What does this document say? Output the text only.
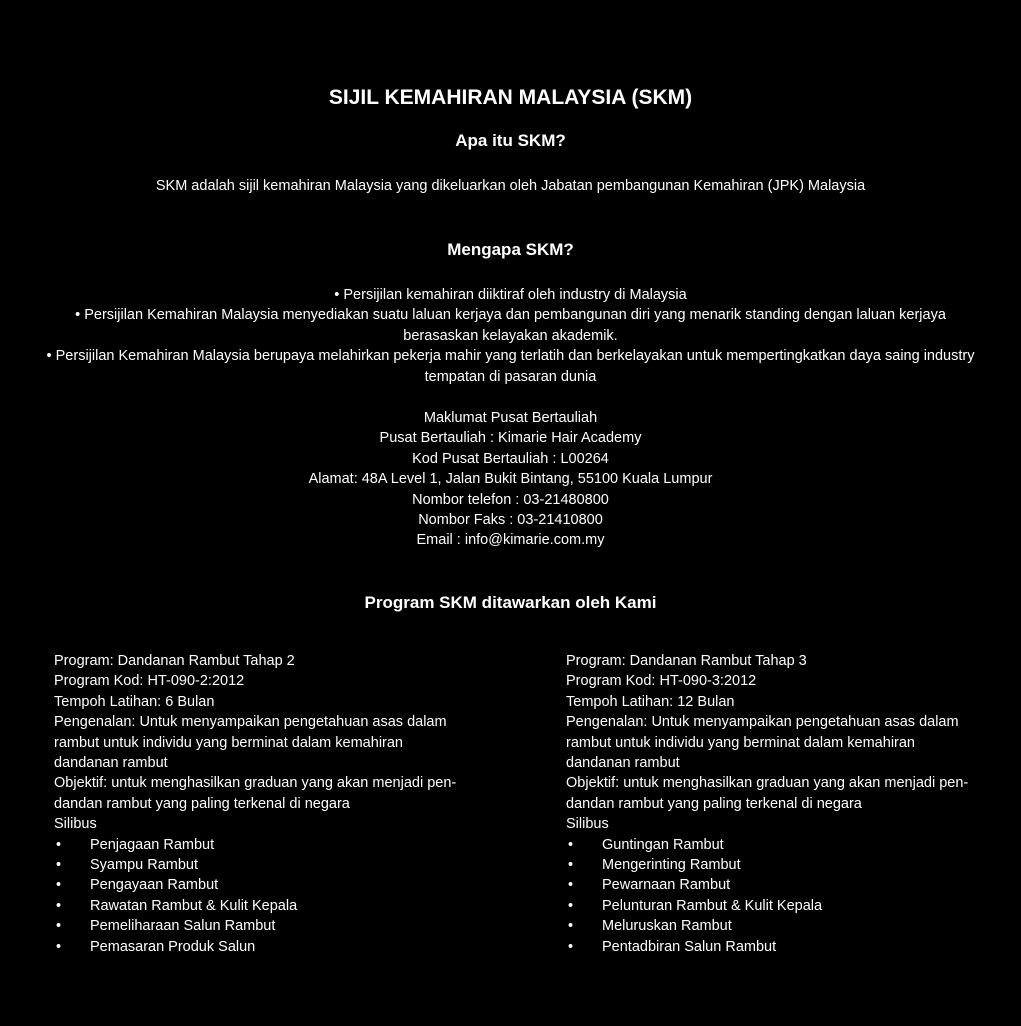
SIJIL KEMAHIRAN MALAYSIA (SKM)
Apa itu SKM?

SKM adalah sijil kemahiran Malaysia yang dikeluarkan oleh Jabatan pembangunan Kemahiran (JPK) Malaysia

Mengapa SKM?
• Persijilan kemahiran diiktiraf oleh industry di Malaysia
• Persijilan Kemahiran Malaysia menyediakan suatu laluan kerjaya dan pembangunan diri yang menarik standing dengan laluan kerjaya berasaskan kelayakan akademik.
• Persijilan Kemahiran Malaysia berupaya melahirkan pekerja mahir yang terlatih dan berkelayakan untuk mempertingkatkan daya saing industry tempatan di pasaran dunia
Maklumat Pusat Bertauliah
Pusat Bertauliah : Kimarie Hair Academy
Kod Pusat Bertauliah : L00264
Alamat: 48A Level 1, Jalan Bukit Bintang, 55100 Kuala Lumpur
Nombor telefon : 03-21480800
Nombor Faks : 03-21410800
Email : info@kimarie.com.my
Program SKM ditawarkan oleh Kami
Program: Dandanan Rambut Tahap 2
Program Kod: HT-090-2:2012
Tempoh Latihan: 6 Bulan
Pengenalan: Untuk menyampaikan pengetahuan asas dalam
rambut untuk individu yang berminat dalam kemahiran
dandanan rambut
Objektif: untuk menghasilkan graduan yang akan menjadi pen-
dandan rambut yang paling terkenal di negara
Silibus
• Penjagaan Rambut
• Syampu Rambut
• Pengayaan Rambut
• Rawatan Rambut & Kulit Kepala
• Pemeliharaan Salun Rambut
• Pemasaran Produk Salun
Program: Dandanan Rambut Tahap 3
Program Kod: HT-090-3:2012
Tempoh Latihan: 12 Bulan
Pengenalan: Untuk menyampaikan pengetahuan asas dalam
rambut untuk individu yang berminat dalam kemahiran
dandanan rambut
Objektif: untuk menghasilkan graduan yang akan menjadi pen-
dandan rambut yang paling terkenal di negara
Silibus
• Guntingan Rambut
• Mengerinting Rambut
• Pewarnaan Rambut
• Pelunturan Rambut & Kulit Kepala
• Meluruskan Rambut
• Pentadbiran Salun Rambut
